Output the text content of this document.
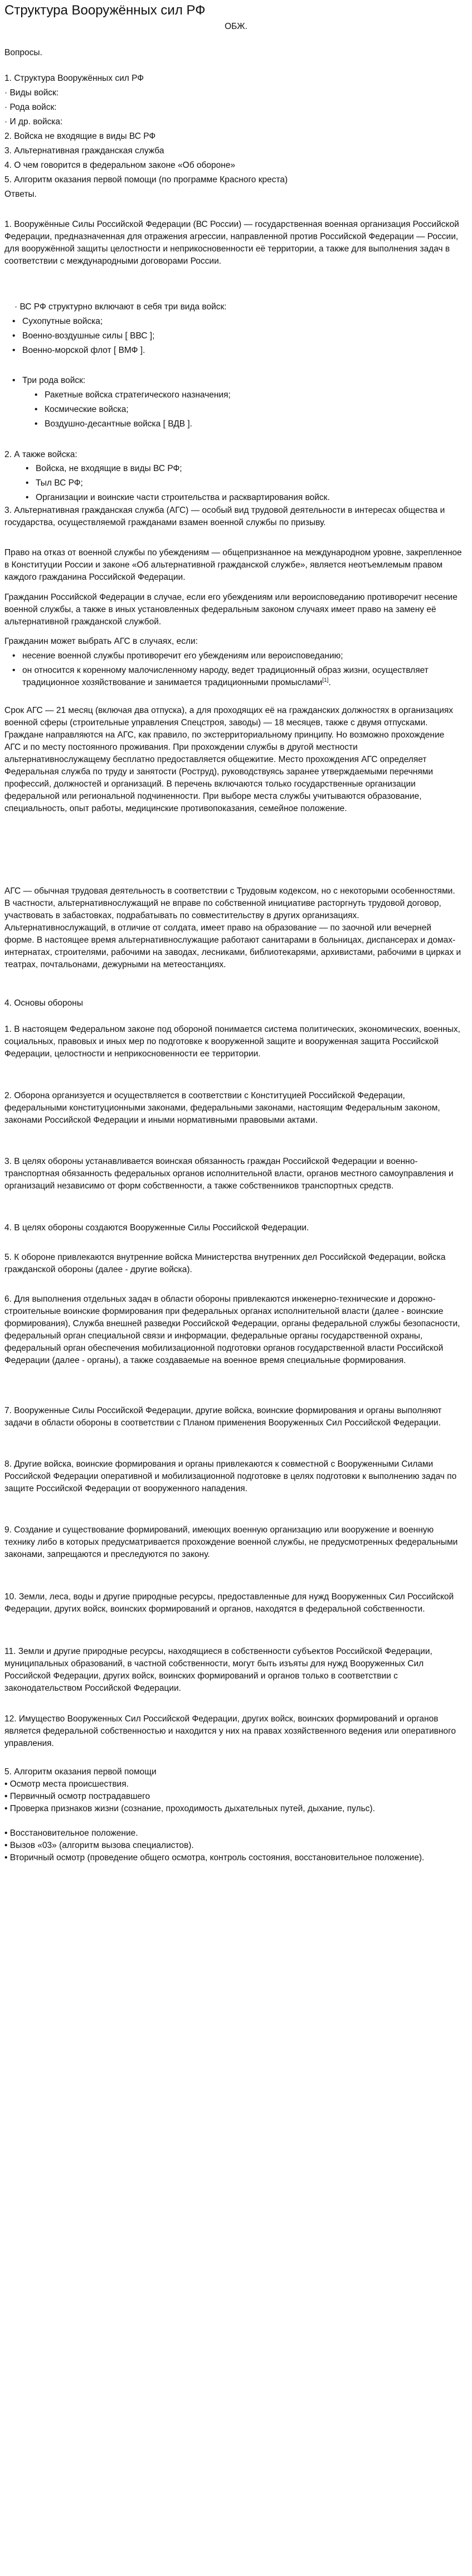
Структура Вооружённых сил РФ
ОБЖ.
Вопросы.
1. Структура Вооружённых сил РФ
· Виды войск:
· Рода войск:
· И др. войска:
2. Войска не входящие в виды ВС РФ
3. Альтернативная гражданская служба
4. О чем говорится в федеральном законе «Об обороне»
5. Алгоритм оказания первой помощи (по программе Красного креста)
Ответы.
1. Вооружённые Силы Российской Федерации (ВС России) — государственная военная организация Российской Федерации, предназначенная для отражения агрессии, направленной против Российской Федерации — России, для вооружённой защиты целостности и неприкосновенности её территории, а также для выполнения задач в соответствии с международными договорами России.
· ВС РФ структурно включают в себя три вида войск:
• Сухопутные войска;
• Военно-воздушные силы [ ВВС ];
• Военно-морской флот [ ВМФ ].
• Три рода войск:
• Ракетные войска стратегического назначения;
• Космические войска;
• Воздушно-десантные войска [ ВДВ ].
2. А также войска:
• Войска, не входящие в виды ВС РФ;
• Тыл ВС РФ;
• Организации и воинские части строительства и расквартирования войск.
3. Альтернативная гражданская служба (АГС) — особый вид трудовой деятельности в интересах общества и государства, осуществляемой гражданами взамен военной службы по призыву.
Право на отказ от военной службы по убеждениям — общепризнанное на международном уровне, закрепленное в Конституции России и законе «Об альтернативной гражданской службе», является неотъемлемым правом каждого гражданина Российской Федерации.
Гражданин Российской Федерации в случае, если его убеждениям или вероисповеданию противоречит несение военной службы, а также в иных установленных федеральным законом случаях имеет право на замену её альтернативной гражданской службой.
Гражданин может выбрать АГС в случаях, если:
• несение военной службы противоречит его убеждениям или вероисповеданию;
• он относится к коренному малочисленному народу, ведет традиционный образ жизни, осуществляет традиционное хозяйствование и занимается традиционными промыслами[1].
Срок АГС — 21 месяц (включая два отпуска), а для проходящих её на гражданских должностях в организациях военной сферы (строительные управления Спецстроя, заводы) — 18 месяцев, также с двумя отпусками. Граждане направляются на АГС, как правило, по экстерриториальному принципу. Но возможно прохождение АГС и по месту постоянного проживания. При прохождении службы в другой местности альтернативнослужащему бесплатно предоставляется общежитие. Место прохождения АГС определяет Федеральная служба по труду и занятости (Роструд), руководствуясь заранее утверждаемыми перечнями профессий, должностей и организаций. В перечень включаются только государственные организации федеральной или региональной подчиненности. При выборе места службы учитываются образование, специальность, опыт работы, медицинские противопоказания, семейное положение.
АГС — обычная трудовая деятельность в соответствии с Трудовым кодексом, но с некоторыми особенностями. В частности, альтернативнослужащий не вправе по собственной инициативе расторгнуть трудовой договор, участвовать в забастовках, подрабатывать по совместительству в других организациях. Альтернативнослужащий, в отличие от солдата, имеет право на образование — по заочной или вечерней форме. В настоящее время альтернативнослужащие работают санитарами в больницах, диспансерах и домах-интернатах, строителями, рабочими на заводах, лесниками, библиотекарями, архивистами, рабочими в цирках и театрах, почтальонами, дежурными на метеостанциях.
4. Основы обороны
1. В настоящем Федеральном законе под обороной понимается система политических, экономических, военных, социальных, правовых и иных мер по подготовке к вооруженной защите и вооруженная защита Российской Федерации, целостности и неприкосновенности ее территории.
2. Оборона организуется и осуществляется в соответствии с Конституцией Российской Федерации, федеральными конституционными законами, федеральными законами, настоящим Федеральным законом, законами Российской Федерации и иными нормативными правовыми актами.
3. В целях обороны устанавливается воинская обязанность граждан Российской Федерации и военно-транспортная обязанность федеральных органов исполнительной власти, органов местного самоуправления и организаций независимо от форм собственности, а также собственников транспортных средств.
4. В целях обороны создаются Вооруженные Силы Российской Федерации.
5. К обороне привлекаются внутренние войска Министерства внутренних дел Российской Федерации, войска гражданской обороны (далее - другие войска).
6. Для выполнения отдельных задач в области обороны привлекаются инженерно-технические и дорожно-строительные воинские формирования при федеральных органах исполнительной власти (далее - воинские формирования), Служба внешней разведки Российской Федерации, органы федеральной службы безопасности, федеральный орган специальной связи и информации, федеральные органы государственной охраны, федеральный орган обеспечения мобилизационной подготовки органов государственной власти Российской Федерации (далее - органы), а также создаваемые на военное время специальные формирования.
7. Вооруженные Силы Российской Федерации, другие войска, воинские формирования и органы выполняют задачи в области обороны в соответствии с Планом применения Вооруженных Сил Российской Федерации.
8. Другие войска, воинские формирования и органы привлекаются к совместной с Вооруженными Силами Российской Федерации оперативной и мобилизационной подготовке в целях подготовки к выполнению задач по защите Российской Федерации от вооруженного нападения.
9. Создание и существование формирований, имеющих военную организацию или вооружение и военную технику либо в которых предусматривается прохождение военной службы, не предусмотренных федеральными законами, запрещаются и преследуются по закону.
10. Земли, леса, воды и другие природные ресурсы, предоставленные для нужд Вооруженных Сил Российской Федерации, других войск, воинских формирований и органов, находятся в федеральной собственности.
11. Земли и другие природные ресурсы, находящиеся в собственности субъектов Российской Федерации, муниципальных образований, в частной собственности, могут быть изъяты для нужд Вооруженных Сил Российской Федерации, других войск, воинских формирований и органов только в соответствии с законодательством Российской Федерации.
12. Имущество Вооруженных Сил Российской Федерации, других войск, воинских формирований и органов является федеральной собственностью и находится у них на правах хозяйственного ведения или оперативного управления.
5. Алгоритм оказания первой помощи
• Осмотр места происшествия.
• Первичный осмотр пострадавшего
• Проверка признаков жизни (сознание, проходимость дыхательных путей, дыхание, пульс).
• Восстановительное положение.
• Вызов «03» (алгоритм вызова специалистов).
• Вторичный осмотр (проведение общего осмотра, контроль состояния, восстановительное положение).
